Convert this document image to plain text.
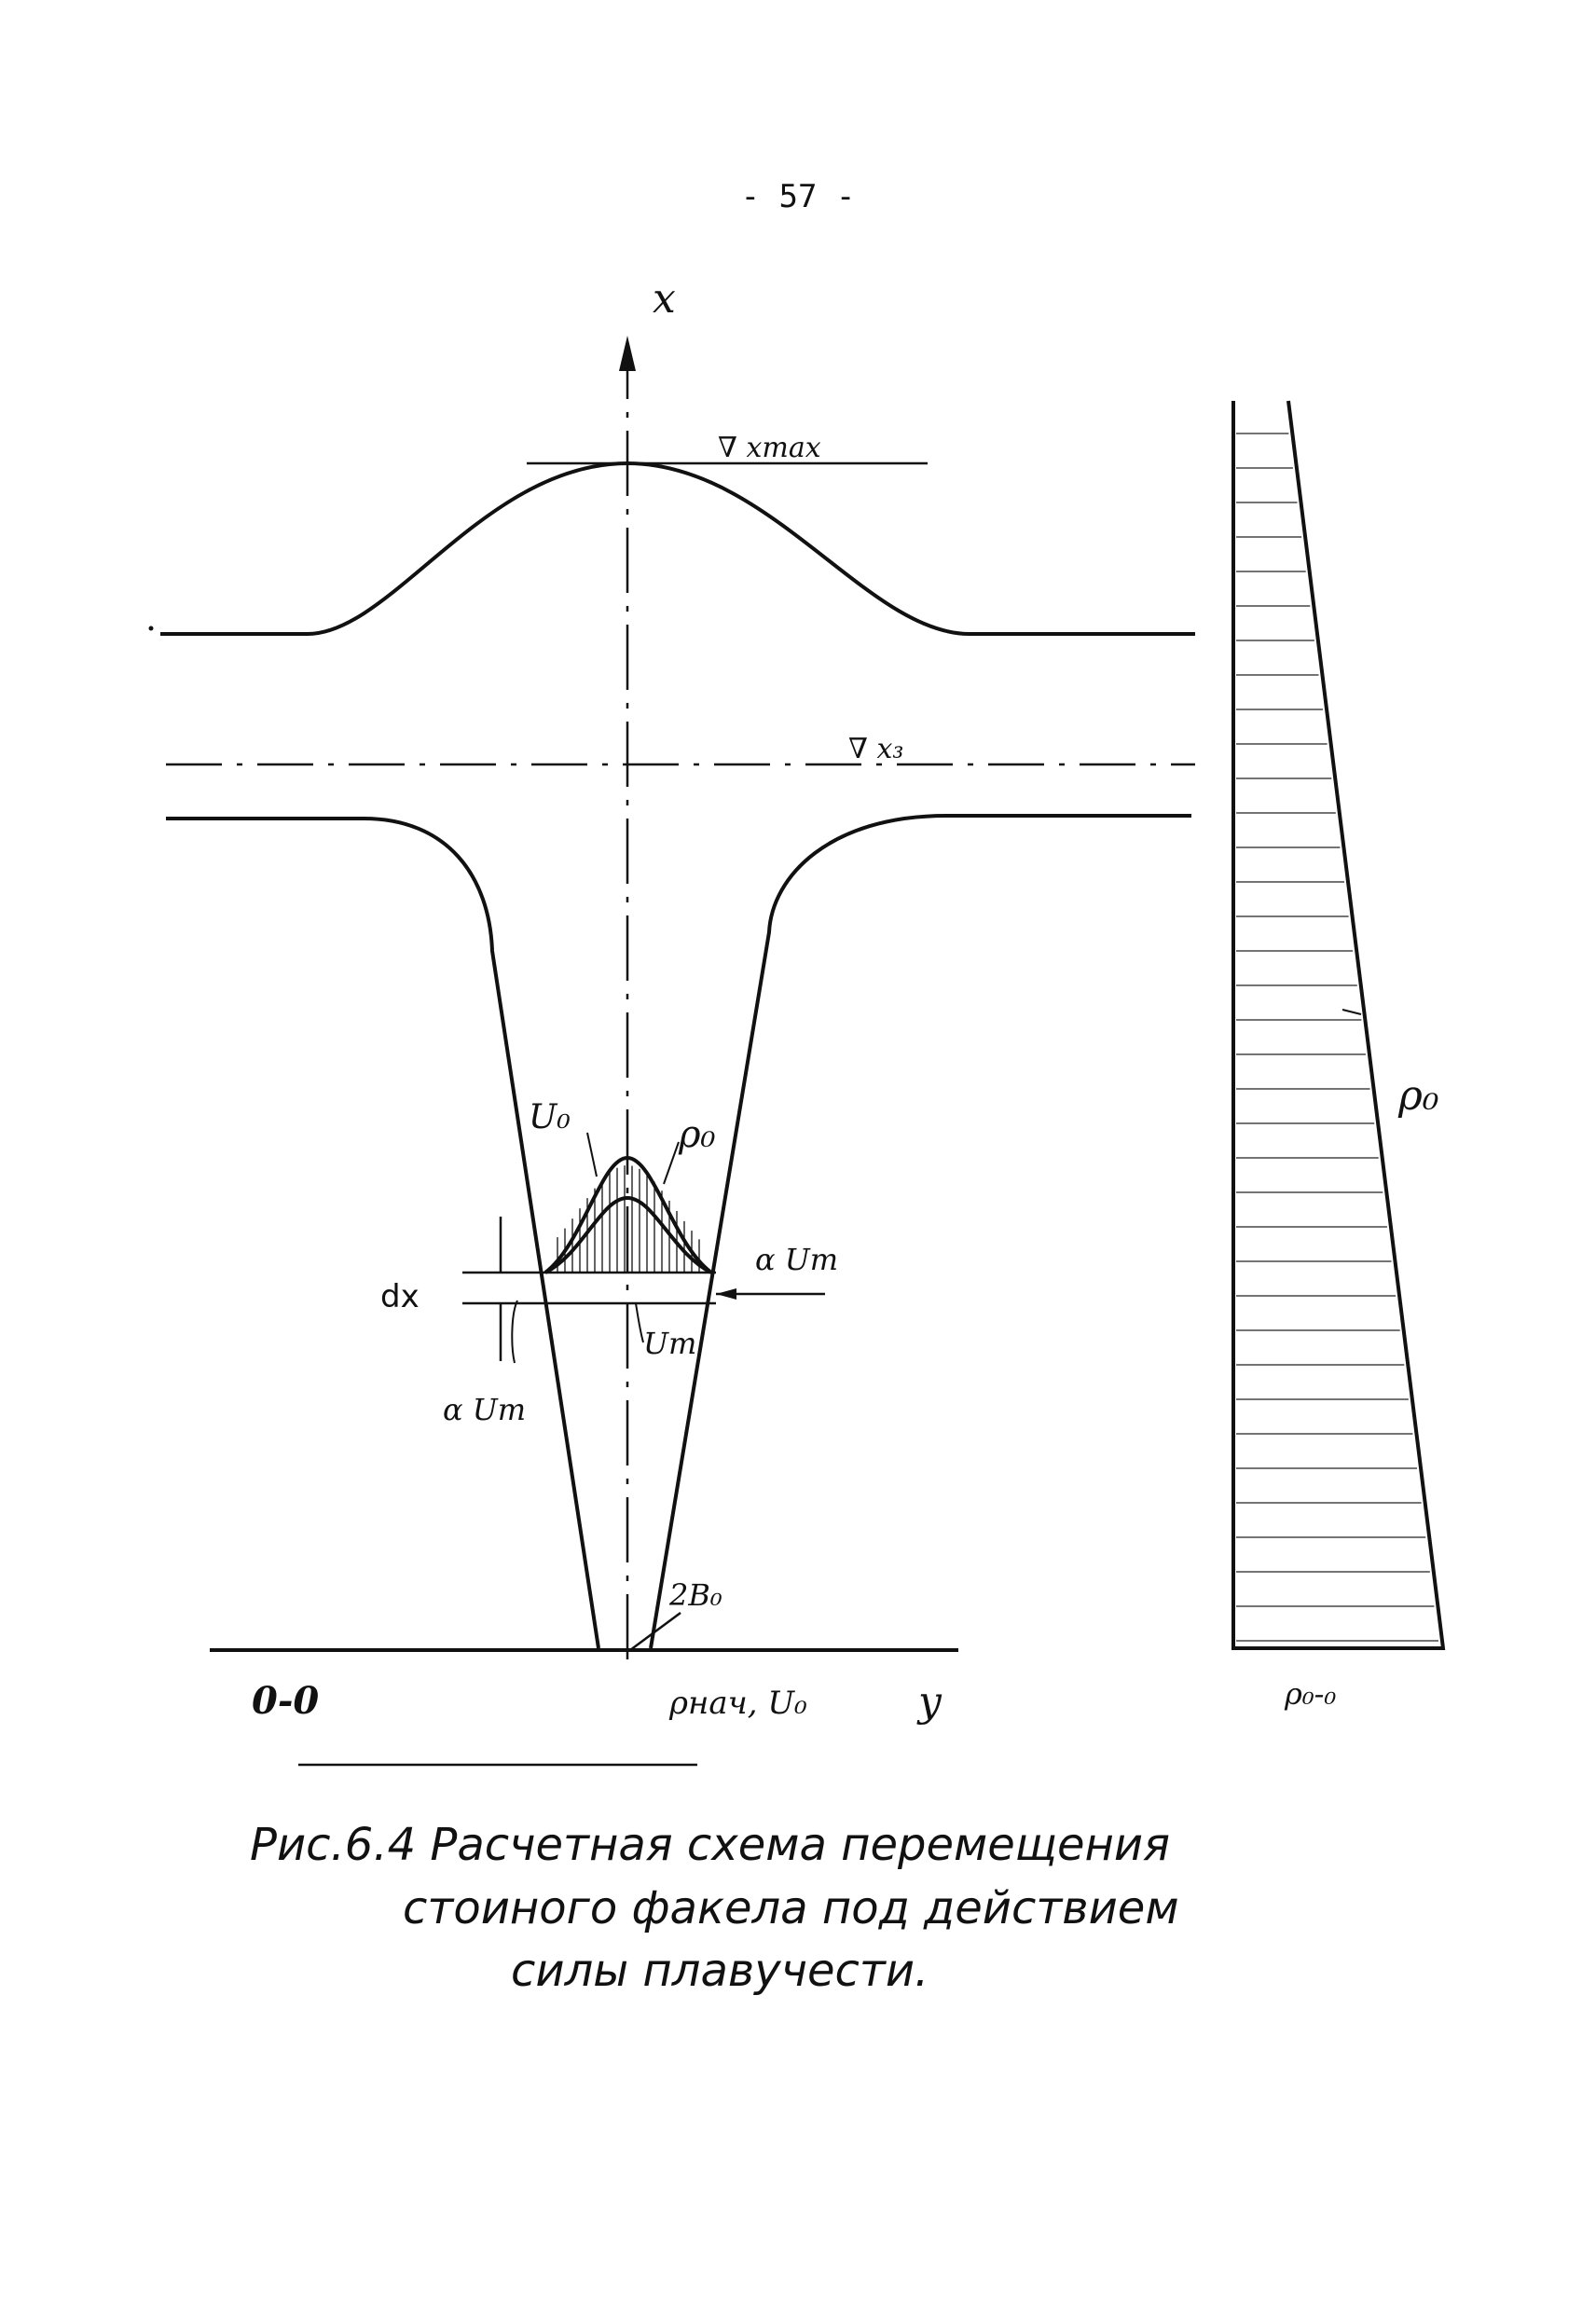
- 57 -
x
∇ xmax
∇ x₃
2B₀
U₀	ρ₀
α Um
dx
Um
α Um
0-0	ρнач, U₀	y
ρ₀
ρ₀-₀
Рис.6.4 Расчетная схема перемещения
стоиного факела под действием
силы плавучести.
